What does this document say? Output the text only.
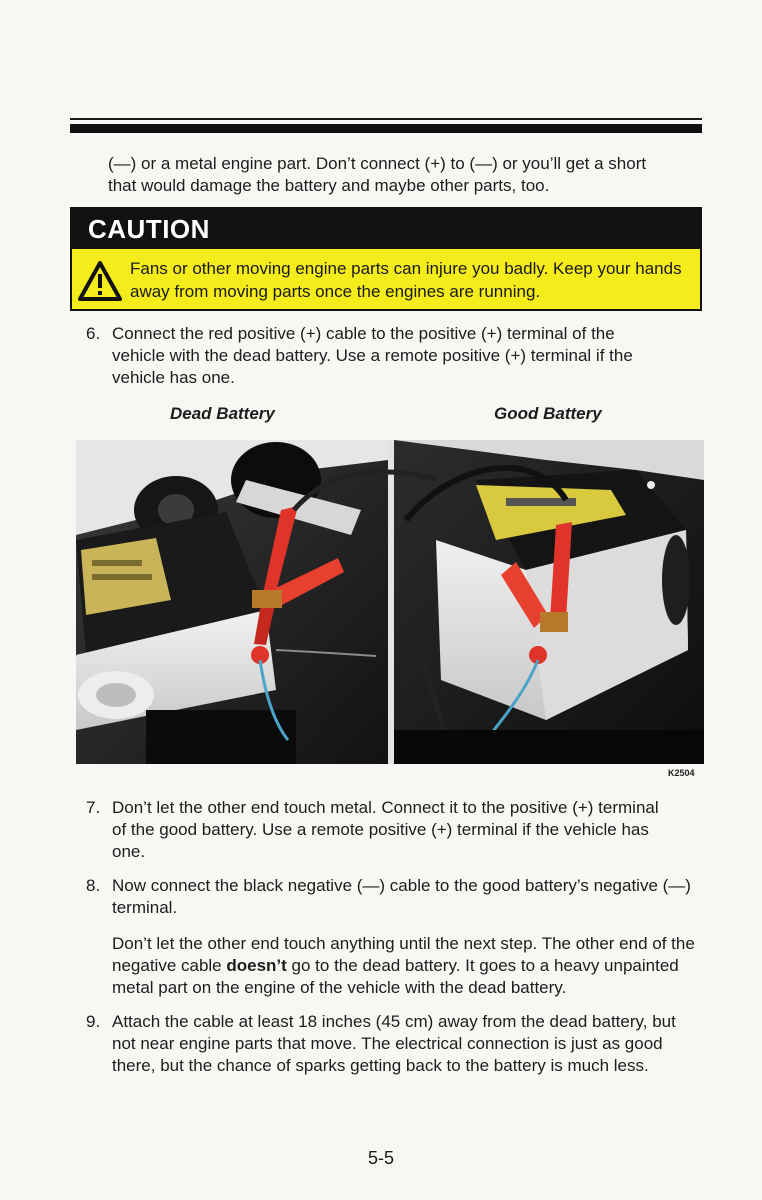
(—) or a metal engine part. Don’t connect (+) to (—) or you’ll get a short that would damage the battery and maybe other parts, too.

CAUTION
Fans or other moving engine parts can injure you badly. Keep your hands away from moving parts once the engines are running.
6. Connect the red positive (+) cable to the positive (+) terminal of the vehicle with the dead battery. Use a remote positive (+) terminal if the vehicle has one.
Dead Battery	Good Battery
K2504
7. Don’t let the other end touch metal. Connect it to the positive (+) terminal of the good battery. Use a remote positive (+) terminal if the vehicle has one.
8. Now connect the black negative (—) cable to the good battery’s negative (—) terminal.

Don’t let the other end touch anything until the next step. The other end of the negative cable doesn’t go to the dead battery. It goes to a heavy unpainted metal part on the engine of the vehicle with the dead battery.

9. Attach the cable at least 18 inches (45 cm) away from the dead battery, but not near engine parts that move. The electrical connection is just as good there, but the chance of sparks getting back to the battery is much less.
5-5
